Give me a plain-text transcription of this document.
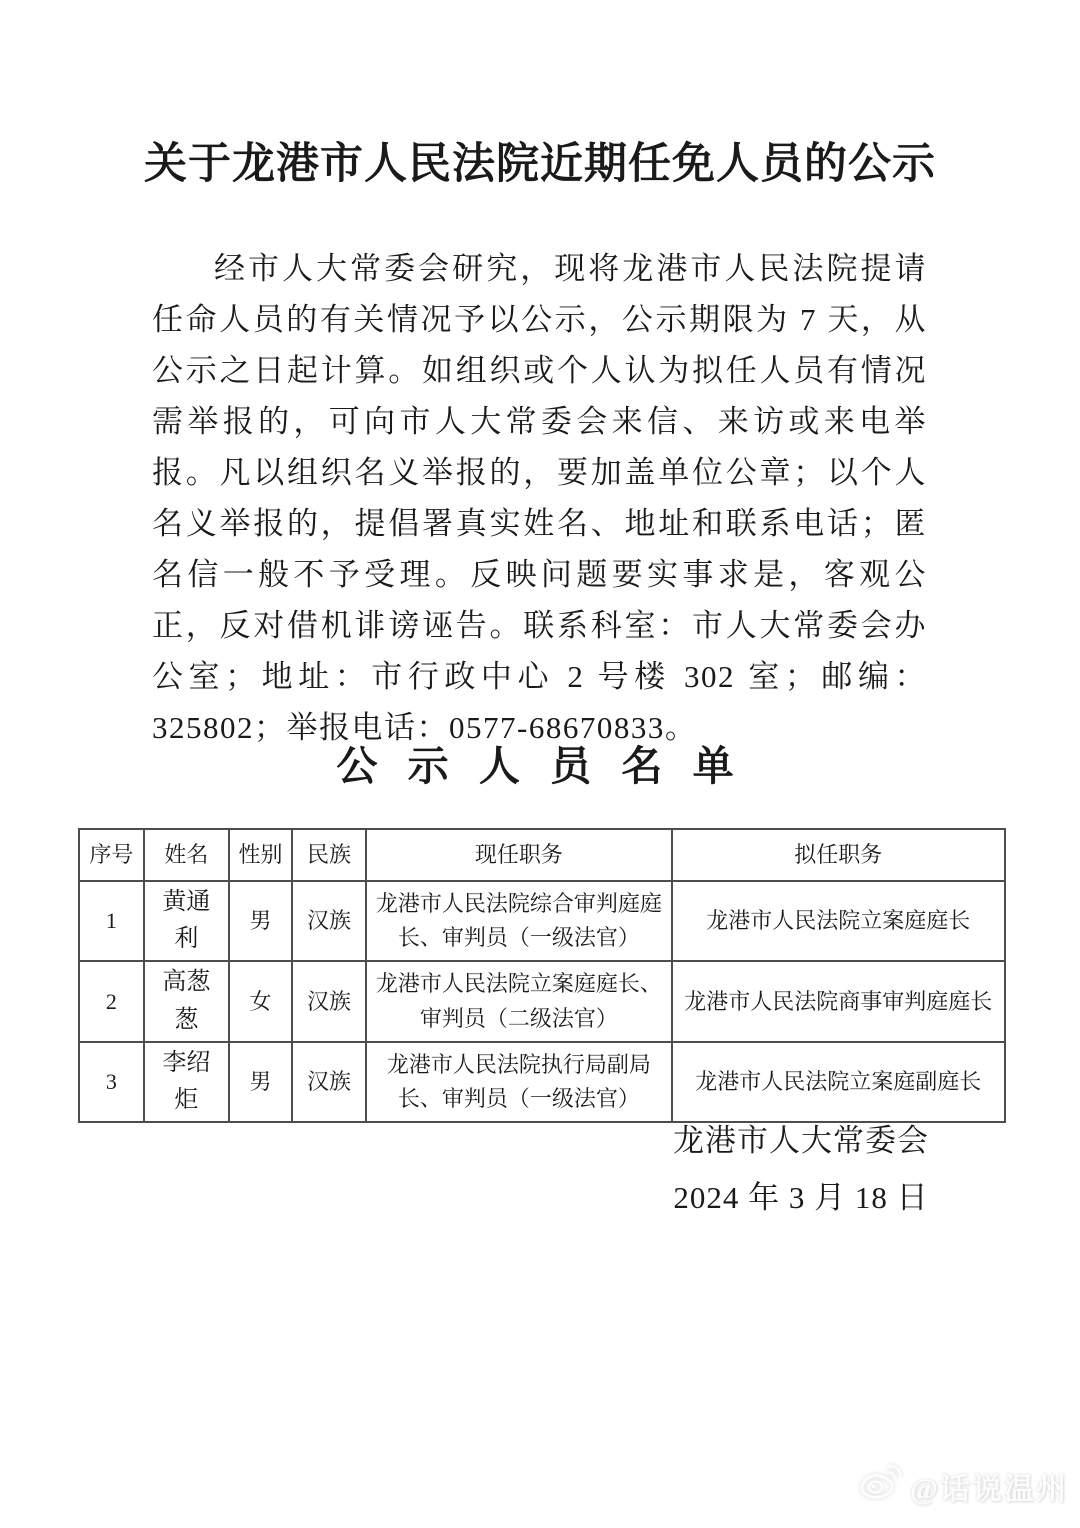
关于龙港市人民法院近期任免人员的公示

经市人大常委会研究，现将龙港市人民法院提请任命人员的有关情况予以公示，公示期限为 7 天，从公示之日起计算。如组织或个人认为拟任人员有情况需举报的，可向市人大常委会来信、来访或来电举报。凡以组织名义举报的，要加盖单位公章；以个人名义举报的，提倡署真实姓名、地址和联系电话；匿名信一般不予受理。反映问题要实事求是，客观公正，反对借机诽谤诬告。联系科室：市人大常委会办公室；地址：市行政中心 2 号楼 302 室；邮编：325802；举报电话：0577-68670833。

公 示 人 员 名 单
序号	姓名	性别	民族	现任职务	拟任职务
1	黄通利	男	汉族	龙港市人民法院综合审判庭庭长、审判员（一级法官）	龙港市人民法院立案庭庭长
2	高葱葱	女	汉族	龙港市人民法院立案庭庭长、审判员（二级法官）	龙港市人民法院商事审判庭庭长
3	李绍炬	男	汉族	龙港市人民法院执行局副局长、审判员（一级法官）	龙港市人民法院立案庭副庭长
龙港市人大常委会
2024 年 3 月 18 日
@话说温州
